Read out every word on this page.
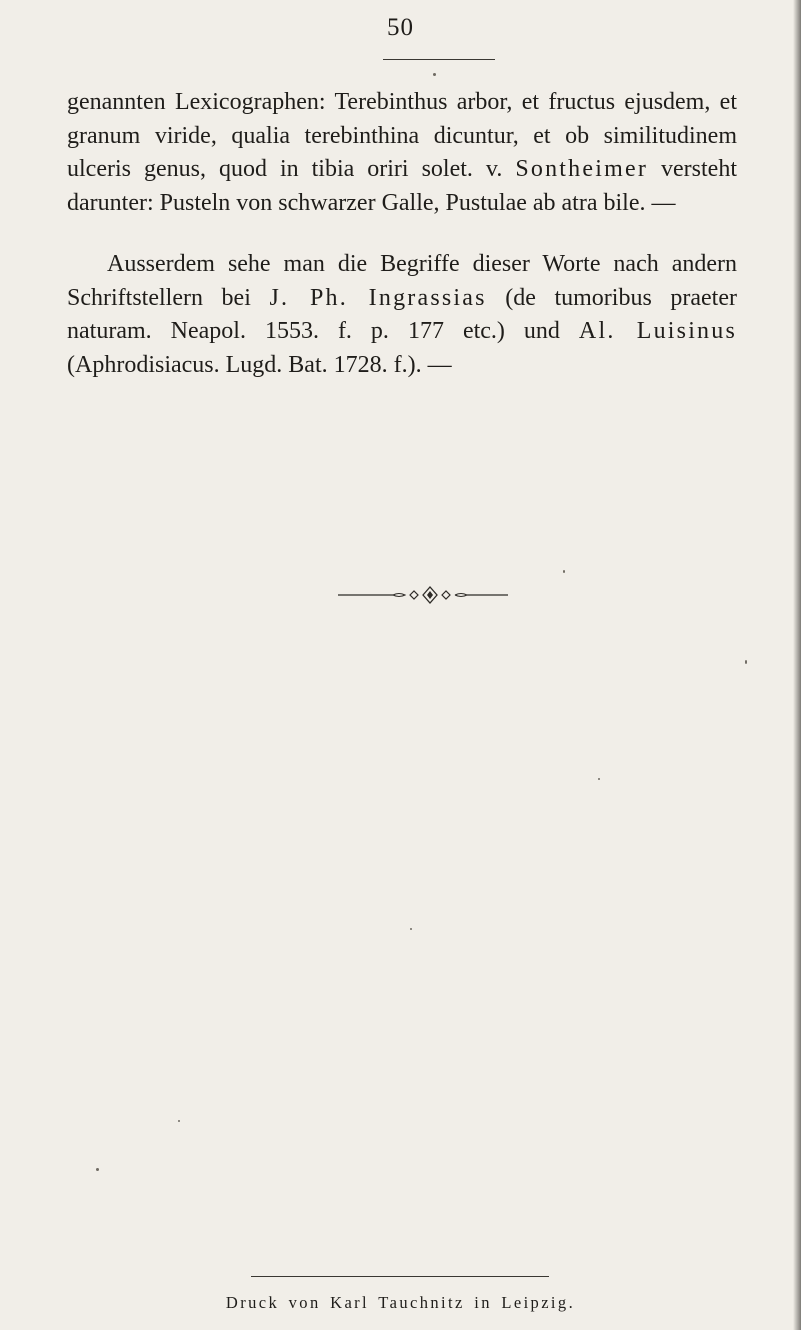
50

genannten Lexicographen: Terebinthus arbor, et fructus ejusdem, et granum viride, qualia terebinthina dicuntur, et ob similitudinem ulceris genus, quod in tibia oriri solet. v. Sontheimer versteht darunter: Pusteln von schwarzer Galle, Pustulae ab atra bile. —

Ausserdem sehe man die Begriffe dieser Worte nach andern Schriftstellern bei J. Ph. Ingrassias (de tumoribus praeter naturam. Neapol. 1553. f. p. 177 etc.) und Al. Luisinus (Aphrodisiacus. Lugd. Bat. 1728. f.). —

Druck von Karl Tauchnitz in Leipzig.
